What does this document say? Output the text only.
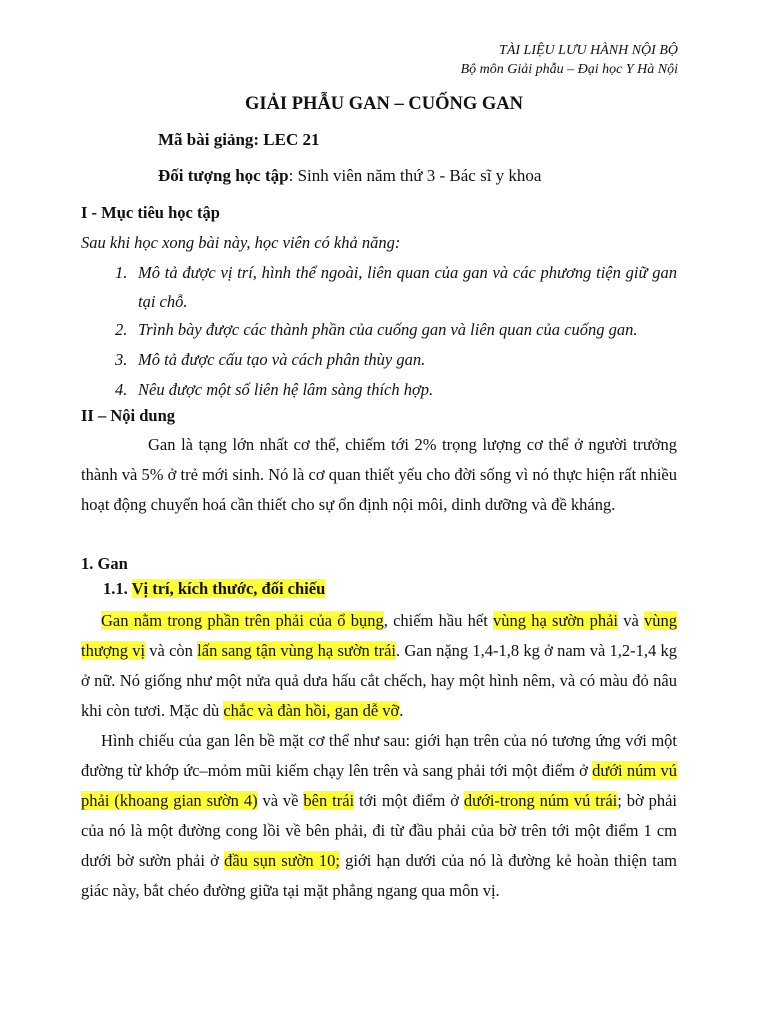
TÀI LIỆU LƯU HÀNH NỘI BỘ
Bộ môn Giải phẫu – Đại học Y Hà Nội
GIẢI PHẪU GAN – CUỐNG GAN
Mã bài giảng: LEC 21
Đối tượng học tập: Sinh viên năm thứ 3 - Bác sĩ y khoa
I - Mục tiêu học tập
Sau khi học xong bài này, học viên có khả năng:
1. Mô tả được vị trí, hình thể ngoài, liên quan của gan và các phương tiện giữ gan tại chỗ.
2. Trình bày được các thành phần của cuống gan và liên quan của cuống gan.
3. Mô tả được cấu tạo và cách phân thùy gan.
4. Nêu được một số liên hệ lâm sàng thích hợp.
II – Nội dung
Gan là tạng lớn nhất cơ thể, chiếm tới 2% trọng lượng cơ thể ở người trưởng thành và 5% ở trẻ mới sinh. Nó là cơ quan thiết yếu cho đời sống vì nó thực hiện rất nhiều hoạt động chuyển hoá cần thiết cho sự ổn định nội môi, dinh dưỡng và đề kháng.
1. Gan
1.1. Vị trí, kích thước, đối chiếu
Gan nằm trong phần trên phải của ổ bụng, chiếm hầu hết vùng hạ sườn phải và vùng thượng vị và còn lấn sang tận vùng hạ sườn trái. Gan nặng 1,4-1,8 kg ở nam và 1,2-1,4 kg ở nữ. Nó giống như một nửa quả dưa hấu cắt chếch, hay một hình nêm, và có màu đỏ nâu khi còn tươi. Mặc dù chắc và đàn hồi, gan dễ vỡ.
Hình chiếu của gan lên bề mặt cơ thể như sau: giới hạn trên của nó tương ứng với một đường từ khớp ức–mỏm mũi kiếm chạy lên trên và sang phải tới một điểm ở dưới núm vú phải (khoang gian sườn 4) và về bên trái tới một điểm ở dưới-trong núm vú trái; bờ phải của nó là một đường cong lồi về bên phải, đi từ đầu phải của bờ trên tới một điểm 1 cm dưới bờ sườn phải ở đầu sụn sườn 10; giới hạn dưới của nó là đường kẻ hoàn thiện tam giác này, bắt chéo đường giữa tại mặt phẳng ngang qua môn vị.
